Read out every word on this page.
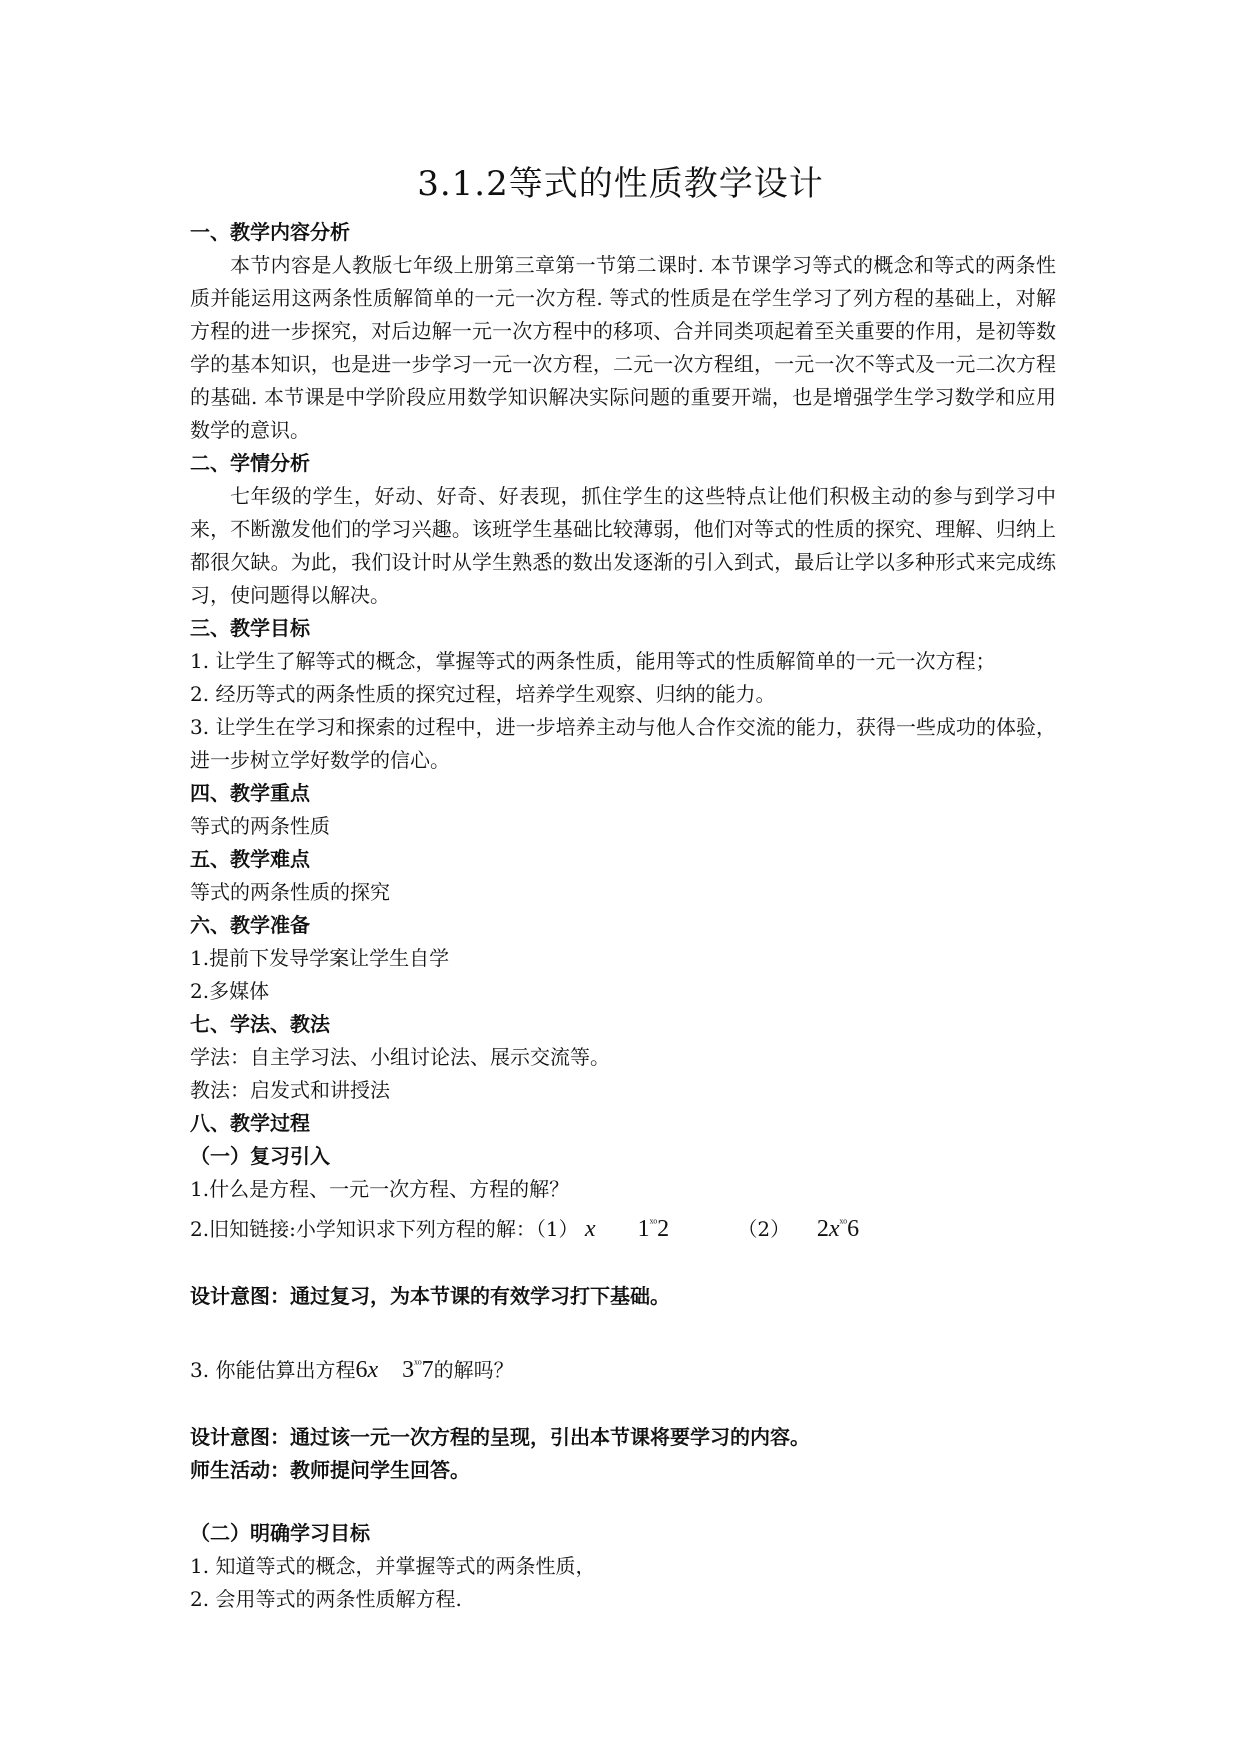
3.1.2等式的性质教学设计

一、教学内容分析

本节内容是人教版七年级上册第三章第一节第二课时. 本节课学习等式的概念和等式的两条性质并能运用这两条性质解简单的一元一次方程. 等式的性质是在学生学习了列方程的基础上，对解方程的进一步探究，对后边解一元一次方程中的移项、合并同类项起着至关重要的作用，是初等数学的基本知识，也是进一步学习一元一次方程，二元一次方程组，一元一次不等式及一元二次方程的基础. 本节课是中学阶段应用数学知识解决实际问题的重要开端，也是增强学生学习数学和应用数学的意识。

二、学情分析

七年级的学生，好动、好奇、好表现，抓住学生的这些特点让他们积极主动的参与到学习中来，不断激发他们的学习兴趣。该班学生基础比较薄弱，他们对等式的性质的探究、理解、归纳上都很欠缺。为此，我们设计时从学生熟悉的数出发逐渐的引入到式，最后让学以多种形式来完成练习，使问题得以解决。

三、教学目标

1. 让学生了解等式的概念，掌握等式的两条性质，能用等式的性质解简单的一元一次方程；

2. 经历等式的两条性质的探究过程，培养学生观察、归纳的能力。

3. 让学生在学习和探索的过程中，进一步培养主动与他人合作交流的能力，获得一些成功的体验，进一步树立学好数学的信心。

四、教学重点

等式的两条性质

五、教学难点

等式的两条性质的探究

六、教学准备

1.提前下发导学案让学生自学

2.多媒体

七、学法、教法

学法：自主学习法、小组讨论法、展示交流等。

教法：启发式和讲授法

八、教学过程

（一）复习引入

1.什么是方程、一元一次方程、方程的解？

2.旧知链接:小学知识求下列方程的解：（1） x $1^{ˣᵒ}2$	（2） $2x^{ˣᵒ}6$

设计意图：通过复习，为本节课的有效学习打下基础。

3. 你能估算出方程6x $3^{ˣᵒ}7$的解吗？

设计意图：通过该一元一次方程的呈现，引出本节课将要学习的内容。

师生活动：教师提问学生回答。

（二）明确学习目标

1. 知道等式的概念，并掌握等式的两条性质，

2. 会用等式的两条性质解方程.
